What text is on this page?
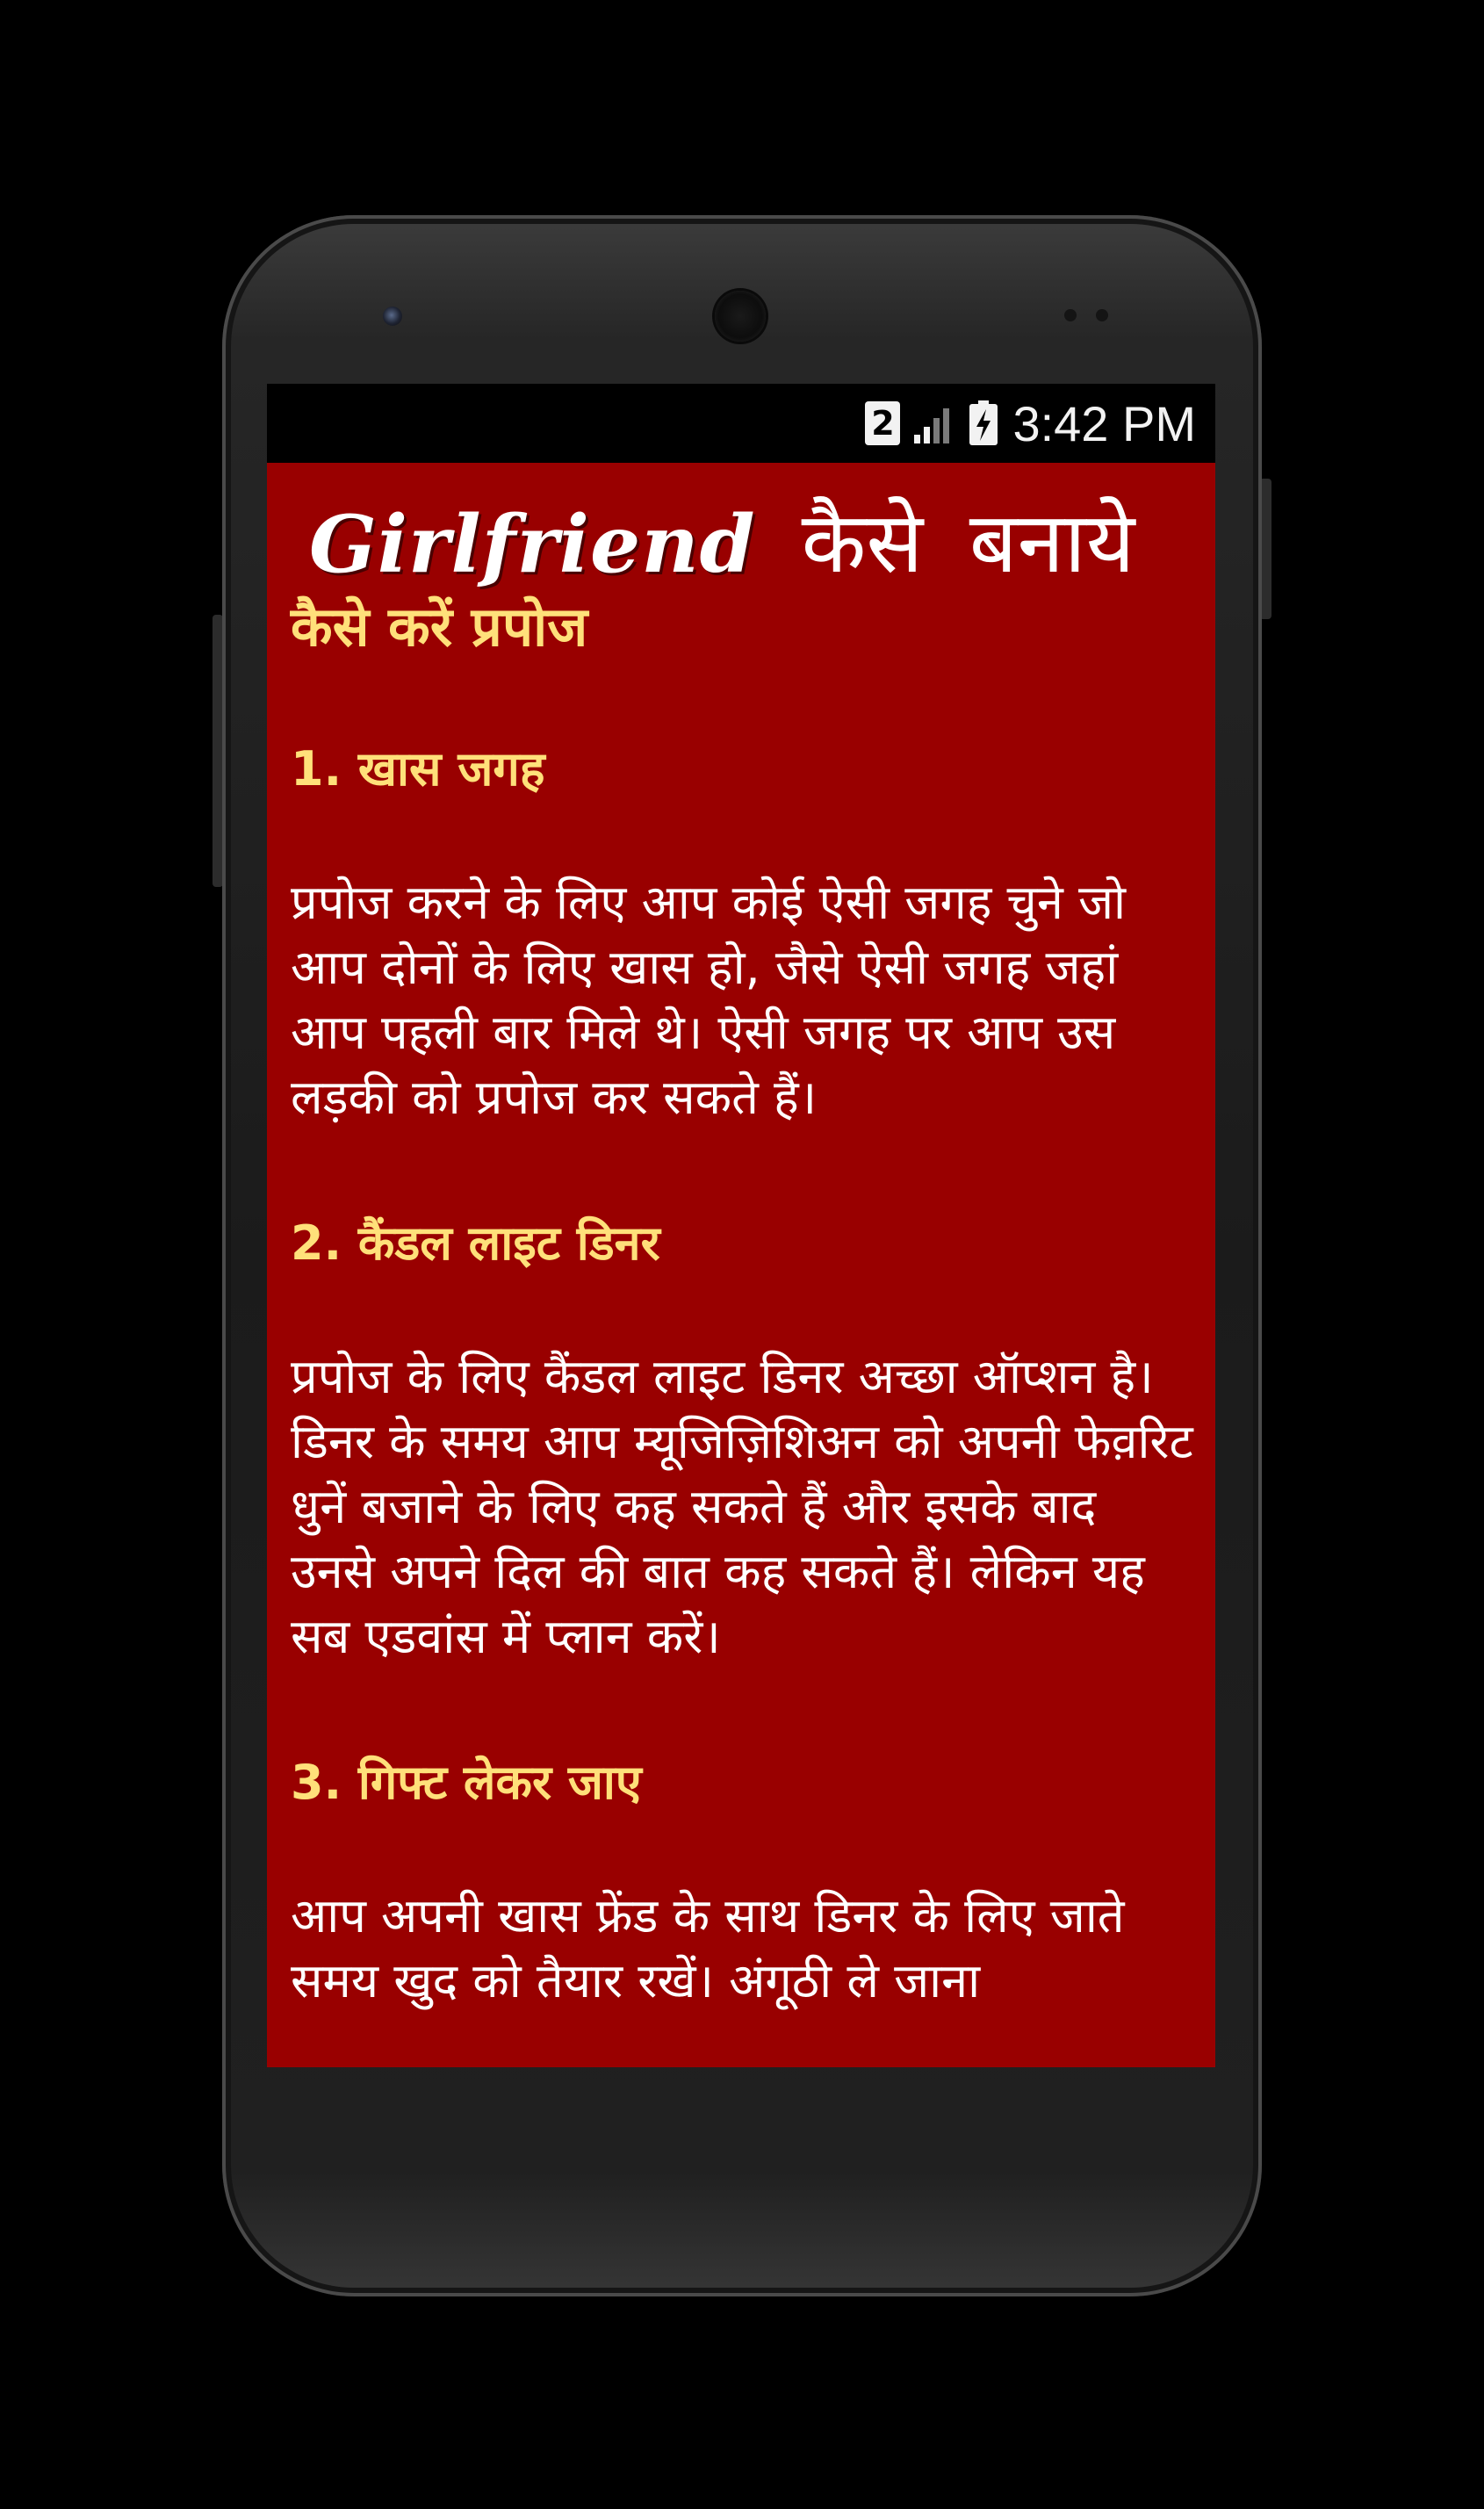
2 3:42 PM
Girlfriend कैसे बनाये
कैसे करें प्रपोज
1. खास जगह

प्रपोज करने के लिए आप कोई ऐसी जगह चुने जो आप दोनों के लिए खास हो, जैसे ऐसी जगह जहां आप पहली बार मिले थे। ऐसी जगह पर आप उस लड़की को प्रपोज कर सकते हैं।

2. कैंडल लाइट डिनर

प्रपोज के लिए कैंडल लाइट डिनर अच्छा ऑप्शन है। डिनर के समय आप म्यूजिज़िशिअन को अपनी फेव़रिट धुनें बजाने के लिए कह सकते हैं और इसके बाद उनसे अपने दिल की बात कह सकते हैं। लेकिन यह सब एडवांस में प्लान करें।

3. गिफ्ट लेकर जाए

आप अपनी खास फ्रेंड के साथ डिनर के लिए जाते समय खुद को तैयार रखें। अंगूठी ले जाना
